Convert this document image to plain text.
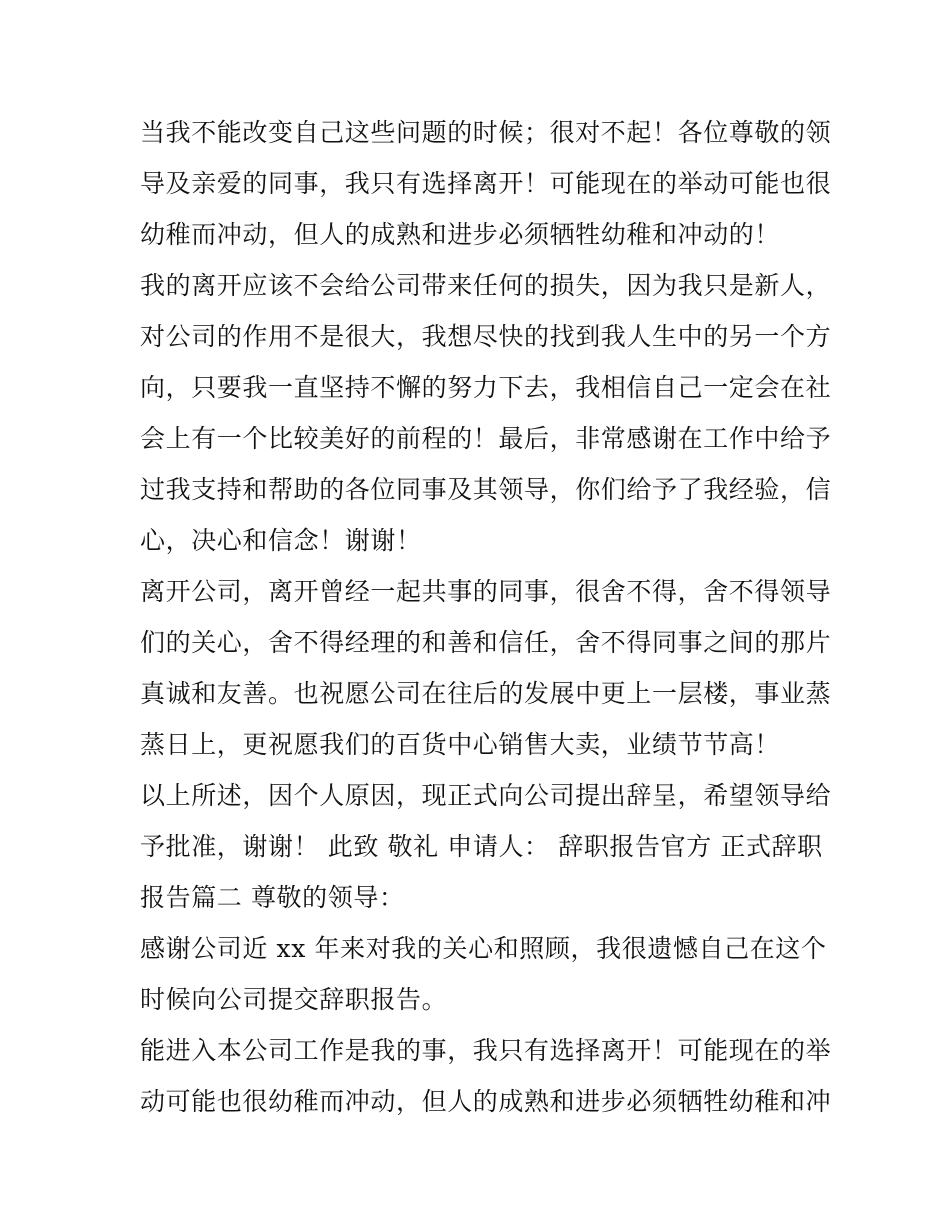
当我不能改变自己这些问题的时候；很对不起！各位尊敬的领
导及亲爱的同事，我只有选择离开！可能现在的举动可能也很
幼稚而冲动，但人的成熟和进步必须牺牲幼稚和冲动的！
我的离开应该不会给公司带来任何的损失，因为我只是新人，
对公司的作用不是很大，我想尽快的找到我人生中的另一个方
向，只要我一直坚持不懈的努力下去，我相信自己一定会在社
会上有一个比较美好的前程的！最后，非常感谢在工作中给予
过我支持和帮助的各位同事及其领导，你们给予了我经验，信
心，决心和信念！谢谢！
离开公司，离开曾经一起共事的同事，很舍不得，舍不得领导
们的关心，舍不得经理的和善和信任，舍不得同事之间的那片
真诚和友善。也祝愿公司在往后的发展中更上一层楼，事业蒸
蒸日上，更祝愿我们的百货中心销售大卖，业绩节节高！
以上所述，因个人原因，现正式向公司提出辞呈，希望领导给
予批准，谢谢！ 此致 敬礼 申请人： 辞职报告官方 正式辞职
报告篇二 尊敬的领导：
感谢公司近 xx 年来对我的关心和照顾，我很遗憾自己在这个
时候向公司提交辞职报告。
能进入本公司工作是我的事，我只有选择离开！可能现在的举
动可能也很幼稚而冲动，但人的成熟和进步必须牺牲幼稚和冲
